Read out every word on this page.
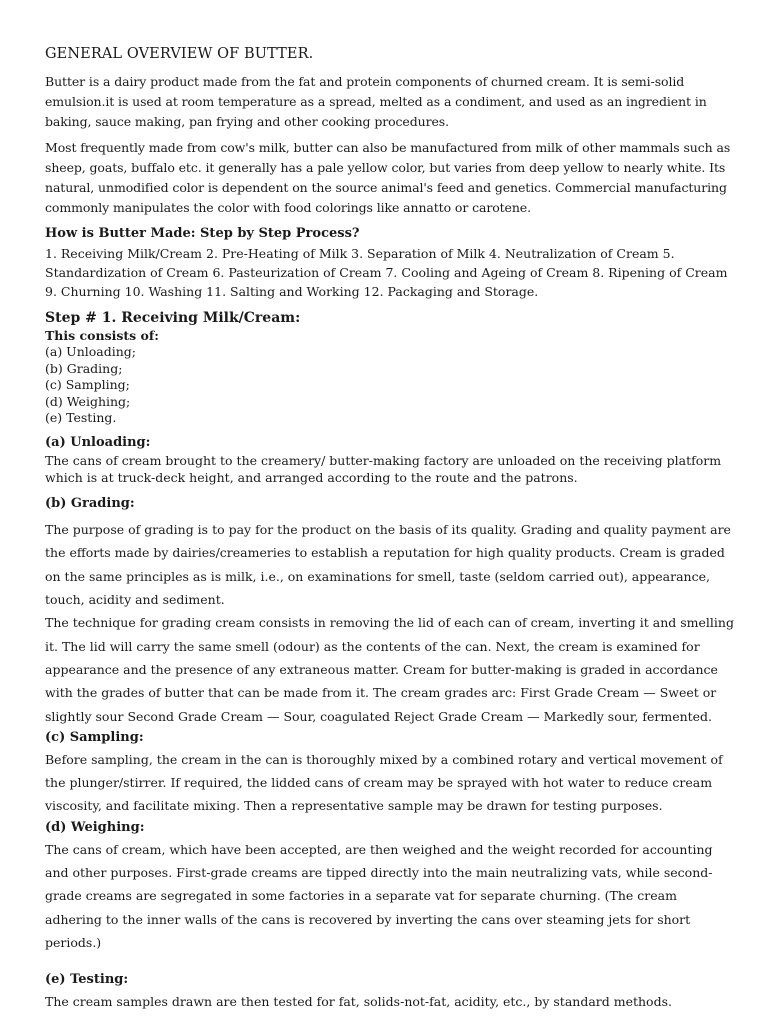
GENERAL OVERVIEW OF BUTTER.

Butter is a dairy product made from the fat and protein components of churned cream. It is semi-solid emulsion.it is used at room temperature as a spread, melted as a condiment, and used as an ingredient in baking, sauce making, pan frying and other cooking procedures.

Most frequently made from cow's milk, butter can also be manufactured from milk of other mammals such as sheep, goats, buffalo etc. it generally has a pale yellow color, but varies from deep yellow to nearly white. Its natural, unmodified color is dependent on the source animal's feed and genetics. Commercial manufacturing commonly manipulates the color with food colorings like annatto or carotene.

How is Butter Made: Step by Step Process?

1. Receiving Milk/Cream 2. Pre-Heating of Milk 3. Separation of Milk 4. Neutralization of Cream 5. Standardization of Cream 6. Pasteurization of Cream 7. Cooling and Ageing of Cream 8. Ripening of Cream 9. Churning 10. Washing 11. Salting and Working 12. Packaging and Storage.

Step # 1. Receiving Milk/Cream:
This consists of:
(a) Unloading;
(b) Grading;
(c) Sampling;
(d) Weighing;
(e) Testing.
(a) Unloading:

The cans of cream brought to the creamery/ butter-making factory are unloaded on the receiving platform which is at truck-deck height, and arranged according to the route and the patrons.

(b) Grading:

The purpose of grading is to pay for the product on the basis of its quality. Grading and quality payment are the efforts made by dairies/creameries to establish a reputation for high quality products. Cream is graded on the same principles as is milk, i.e., on examinations for smell, taste (seldom carried out), appearance, touch, acidity and sediment.

The technique for grading cream consists in removing the lid of each can of cream, inverting it and smelling it. The lid will carry the same smell (odour) as the contents of the can. Next, the cream is examined for appearance and the presence of any extraneous matter. Cream for butter-making is graded in accordance with the grades of butter that can be made from it. The cream grades arc: First Grade Cream — Sweet or slightly sour Second Grade Cream — Sour, coagulated Reject Grade Cream — Markedly sour, fermented.

(c) Sampling:

Before sampling, the cream in the can is thoroughly mixed by a combined rotary and vertical movement of the plunger/stirrer. If required, the lidded cans of cream may be sprayed with hot water to reduce cream viscosity, and facilitate mixing. Then a representative sample may be drawn for testing purposes.

(d) Weighing:

The cans of cream, which have been accepted, are then weighed and the weight recorded for accounting and other purposes. First-grade creams are tipped directly into the main neutralizing vats, while second-grade creams are segregated in some factories in a separate vat for separate churning. (The cream adhering to the inner walls of the cans is recovered by inverting the cans over steaming jets for short periods.)

(e) Testing:

The cream samples drawn are then tested for fat, solids-not-fat, acidity, etc., by standard methods.
